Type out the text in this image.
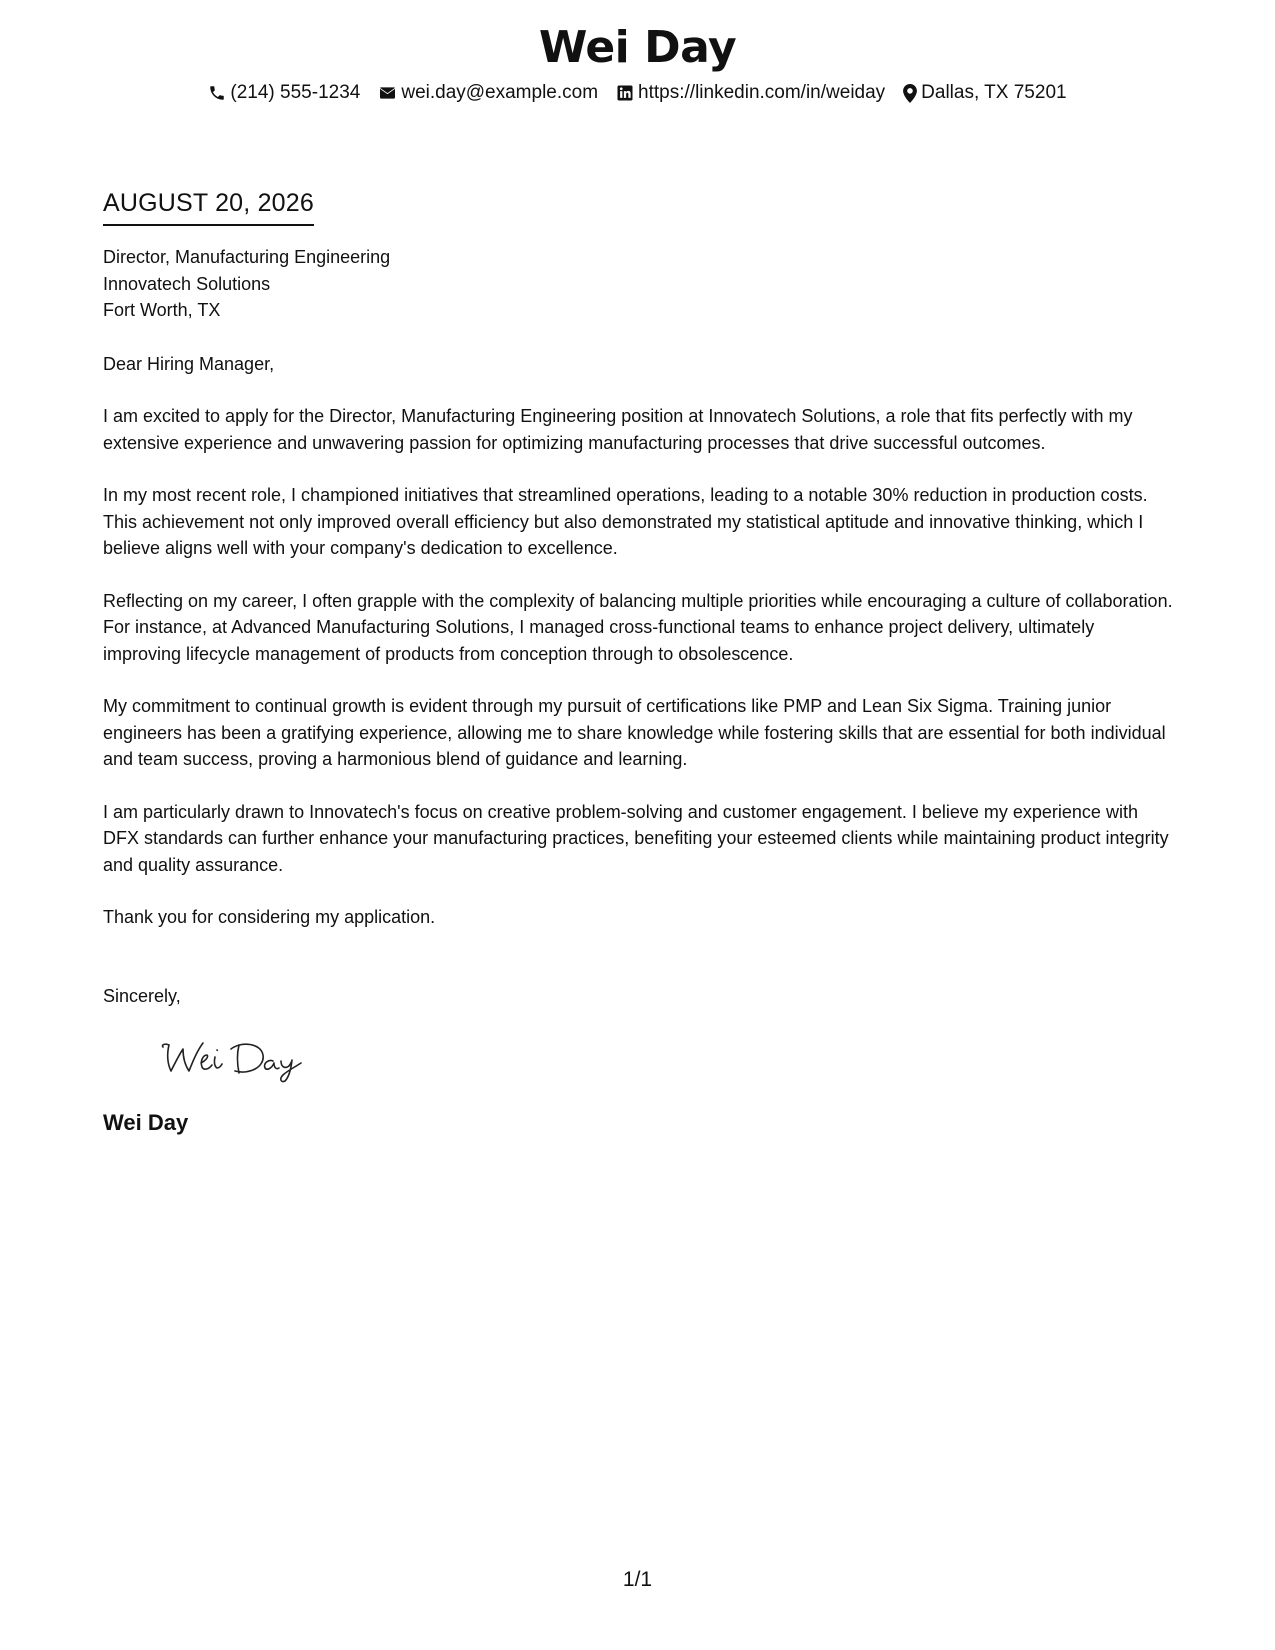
Wei Day
(214) 555-1234 wei.day@example.com https://linkedin.com/in/weiday Dallas, TX 75201
AUGUST 20, 2026
Director, Manufacturing Engineering
Innovatech Solutions
Fort Worth, TX
Dear Hiring Manager,
I am excited to apply for the Director, Manufacturing Engineering position at Innovatech Solutions, a role that fits perfectly with my extensive experience and unwavering passion for optimizing manufacturing processes that drive successful outcomes.
In my most recent role, I championed initiatives that streamlined operations, leading to a notable 30% reduction in production costs. This achievement not only improved overall efficiency but also demonstrated my statistical aptitude and innovative thinking, which I believe aligns well with your company's dedication to excellence.
Reflecting on my career, I often grapple with the complexity of balancing multiple priorities while encouraging a culture of collaboration. For instance, at Advanced Manufacturing Solutions, I managed cross-functional teams to enhance project delivery, ultimately improving lifecycle management of products from conception through to obsolescence.
My commitment to continual growth is evident through my pursuit of certifications like PMP and Lean Six Sigma. Training junior engineers has been a gratifying experience, allowing me to share knowledge while fostering skills that are essential for both individual and team success, proving a harmonious blend of guidance and learning.
I am particularly drawn to Innovatech's focus on creative problem-solving and customer engagement. I believe my experience with DFX standards can further enhance your manufacturing practices, benefiting your esteemed clients while maintaining product integrity and quality assurance.
Thank you for considering my application.
Sincerely,
Wei Day
1/1
